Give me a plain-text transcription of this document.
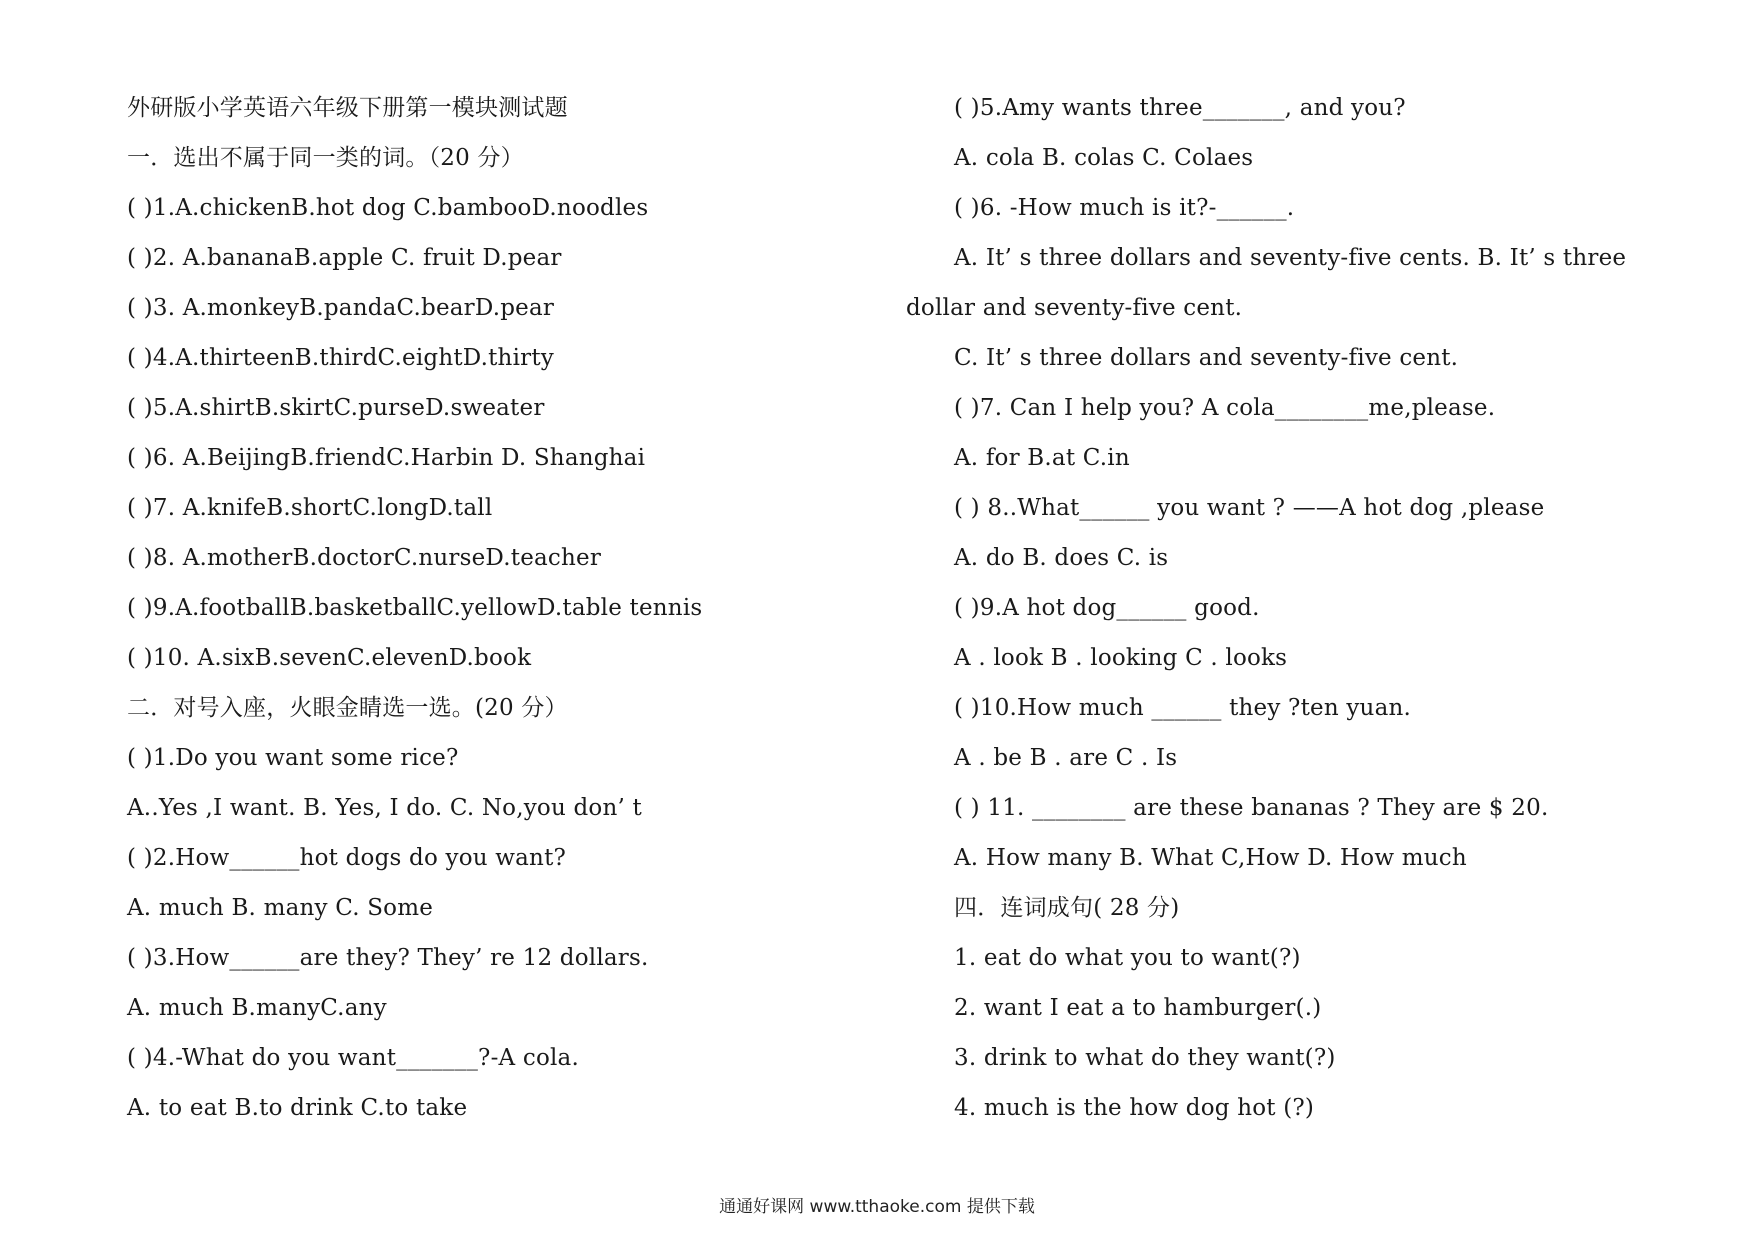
外研版小学英语六年级下册第一模块测试题
一．选出不属于同一类的词。（20 分）
( )1.A.chickenB.hot dog C.bambooD.noodles
( )2. A.bananaB.apple C. fruit D.pear
( )3. A.monkeyB.pandaC.bearD.pear
( )4.A.thirteenB.thirdC.eightD.thirty
( )5.A.shirtB.skirtC.purseD.sweater
( )6. A.BeijingB.friendC.Harbin D. Shanghai
( )7. A.knifeB.shortC.longD.tall
( )8. A.motherB.doctorC.nurseD.teacher
( )9.A.footballB.basketballC.yellowD.table tennis
( )10. A.sixB.sevenC.elevenD.book
二．对号入座，火眼金睛选一选。(20 分）
( )1.Do you want some rice?
A..Yes ,I want. B. Yes, I do. C. No,you don’ t
( )2.How______hot dogs do you want?
A. much B. many C. Some
( )3.How______are they? They’ re 12 dollars.
A. much B.manyC.any
( )4.-What do you want_______?-A cola.
A. to eat B.to drink C.to take
( )5.Amy wants three_______, and you?
A. cola B. colas C. Colaes
( )6. -How much is it?-______.
A. It’ s three dollars and seventy-five cents. B. It’ s three
dollar and seventy-five cent.
C. It’ s three dollars and seventy-five cent.
( )7. Can I help you? A cola________me,please.
A. for B.at C.in
( ) 8..What______ you want ? ——A hot dog ,please
A. do B. does C. is
( )9.A hot dog______ good.
A . look B . looking C . looks
( )10.How much ______ they ?ten yuan.
A . be B . are C . Is
( ) 11. ________ are these bananas ? They are $ 20.
A. How many B. What C,How D. How much
四．连词成句( 28 分)
1. eat do what you to want(?)
2. want I eat a to hamburger(.)
3. drink to what do they want(?)
4. much is the how dog hot (?)
通通好课网 www.tthaoke.com 提供下载
